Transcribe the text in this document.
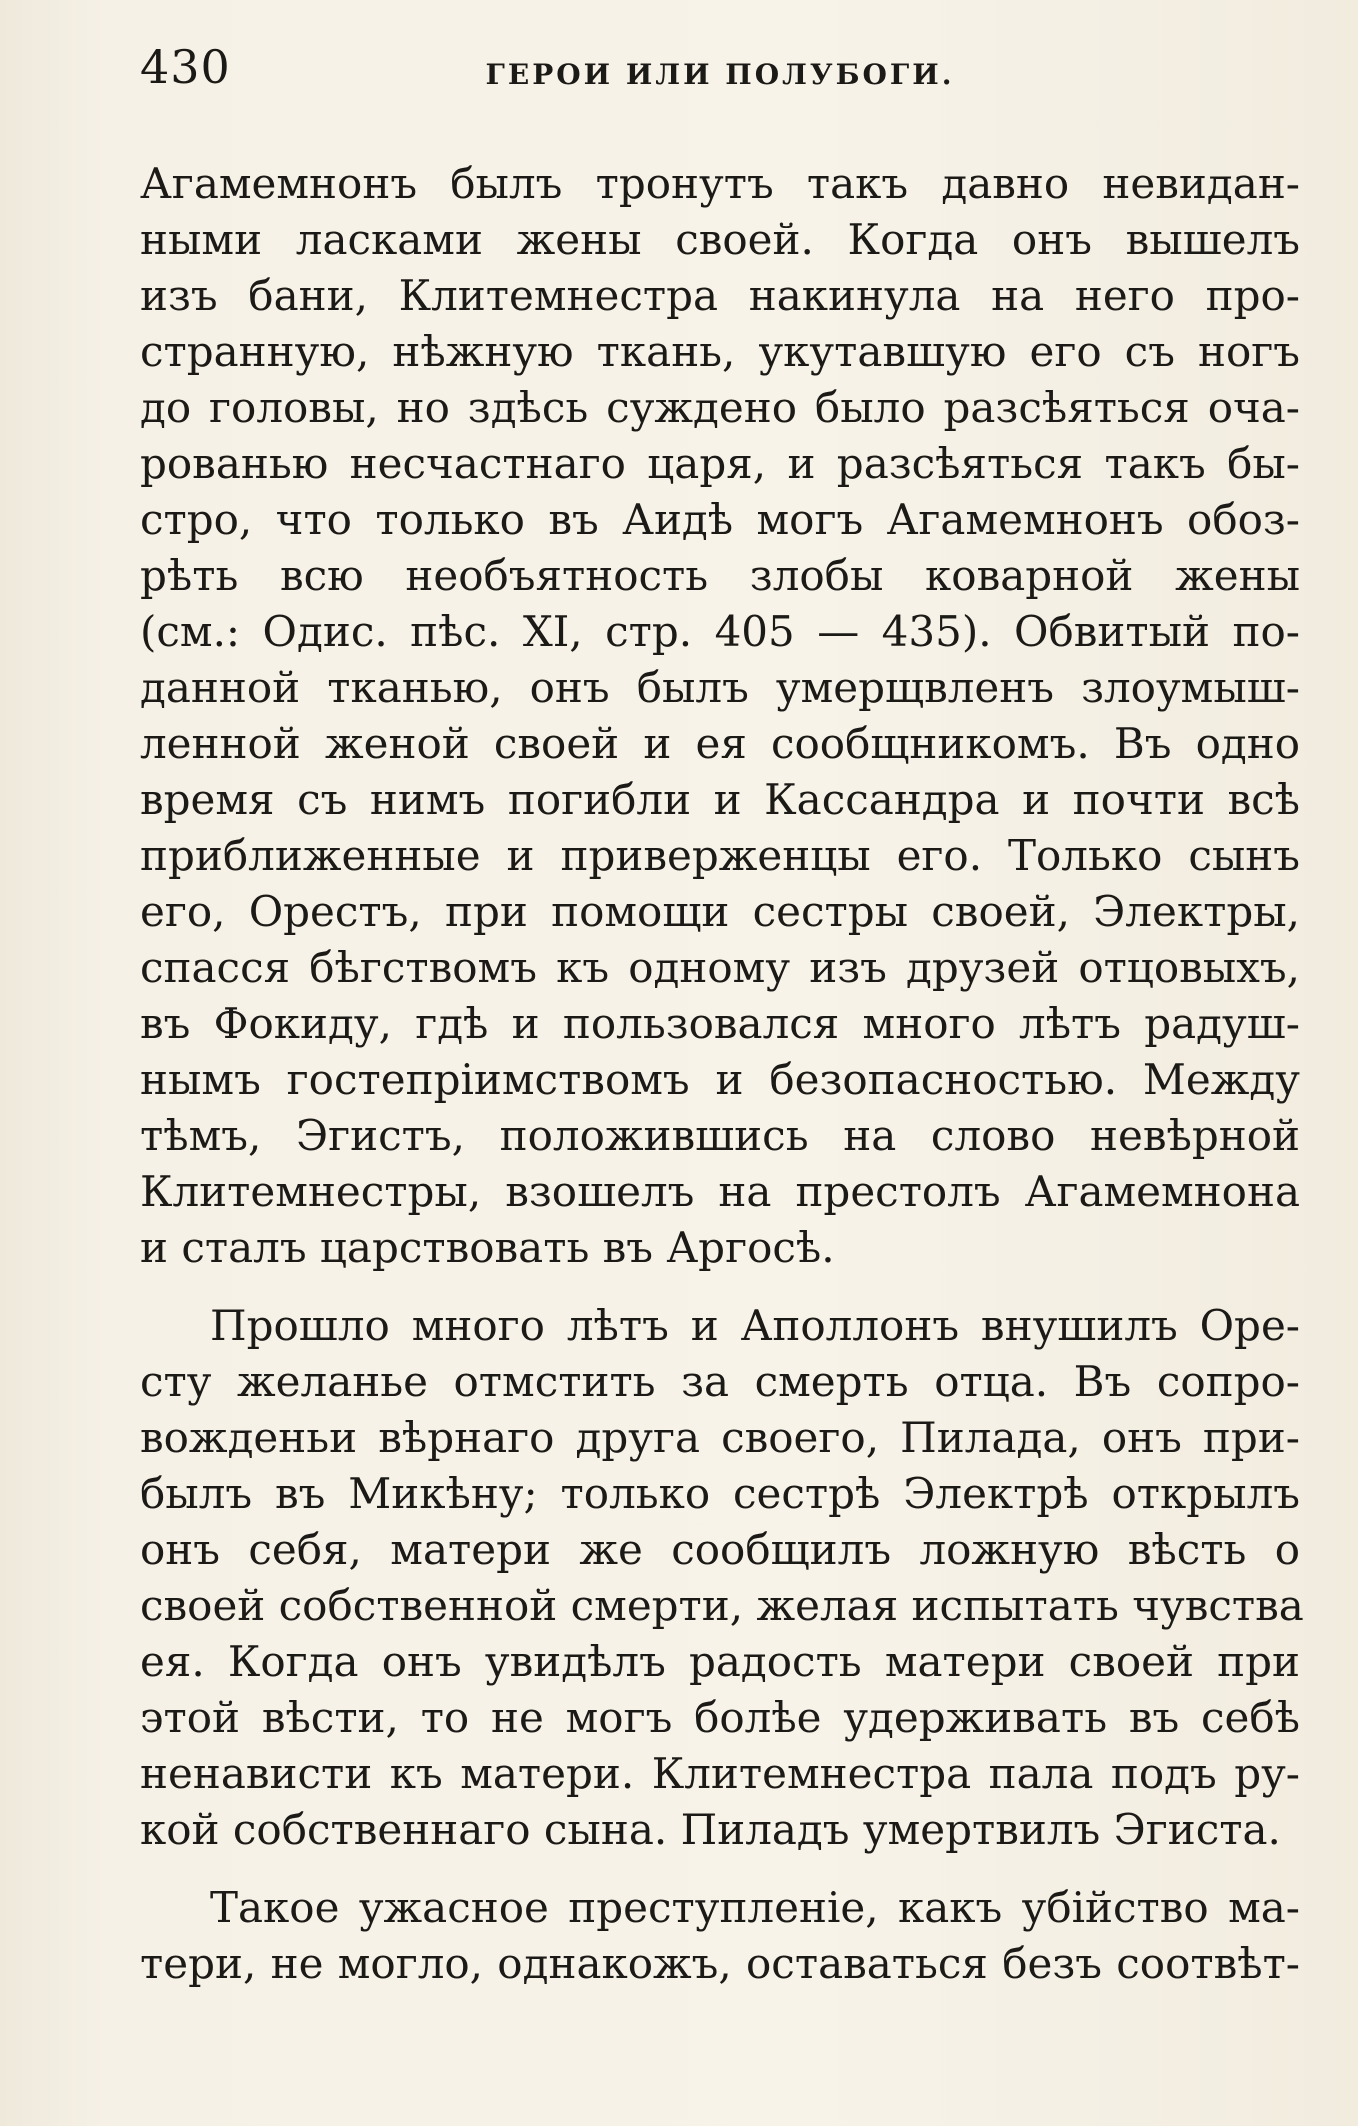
430	ГЕРОИ ИЛИ ПОЛУБОГИ.
Агамемнонъ былъ тронутъ такъ давно невидан-
ными ласками жены своей. Когда онъ вышелъ
изъ бани, Клитемнестра накинула на него про-
странную, нѣжную ткань, укутавшую его съ ногъ
до головы, но здѣсь суждено было разсѣяться оча-
рованью несчастнаго царя, и разсѣяться такъ бы-
стро, что только въ Аидѣ могъ Агамемнонъ обоз-
рѣть всю необъятность злобы коварной жены
(см.: Одис. пѣс. XI, стр. 405 — 435). Обвитый по-
данной тканью, онъ былъ умерщвленъ злоумыш-
ленной женой своей и ея сообщникомъ. Въ одно
время съ нимъ погибли и Кассандра и почти всѣ
приближенные и приверженцы его. Только сынъ
его, Орестъ, при помощи сестры своей, Электры,
спасся бѣгствомъ къ одному изъ друзей отцовыхъ,
въ Фокиду, гдѣ и пользовался много лѣтъ радуш-
нымъ гостепріимствомъ и безопасностью. Между
тѣмъ, Эгистъ, положившись на слово невѣрной
Клитемнестры, взошелъ на престолъ Агамемнона
и сталъ царствовать въ Аргосѣ.
Прошло много лѣтъ и Аполлонъ внушилъ Оре-
сту желанье отмстить за смерть отца. Въ сопро-
вожденьи вѣрнаго друга своего, Пилада, онъ при-
былъ въ Микѣну; только сестрѣ Электрѣ открылъ
онъ себя, матери же сообщилъ ложную вѣсть о
своей собственной смерти, желая испытать чувства
ея. Когда онъ увидѣлъ радость матери своей при
этой вѣсти, то не могъ болѣе удерживать въ себѣ
ненависти къ матери. Клитемнестра пала подъ ру-
кой собственнаго сына. Пиладъ умертвилъ Эгиста.
Такое ужасное преступленіе, какъ убійство ма-
тери, не могло, однакожъ, оставаться безъ соотвѣт-
